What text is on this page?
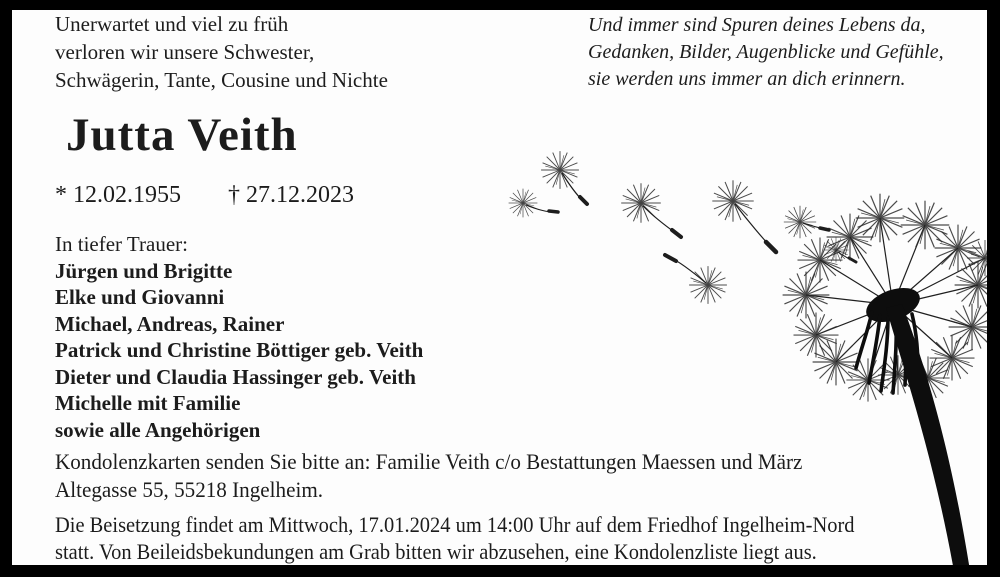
Unerwartet und viel zu früh
verloren wir unsere Schwester,
Schwägerin, Tante, Cousine und Nichte
Und immer sind Spuren deines Lebens da,
Gedanken, Bilder, Augenblicke und Gefühle,
sie werden uns immer an dich erinnern.
Jutta Veith
* 12.02.1955 † 27.12.2023
In tiefer Trauer:
Jürgen und Brigitte
Elke und Giovanni
Michael, Andreas, Rainer
Patrick und Christine Böttiger geb. Veith
Dieter und Claudia Hassinger geb. Veith
Michelle mit Familie
sowie alle Angehörigen
Kondolenzkarten senden Sie bitte an: Familie Veith c/o Bestattungen Maessen und März
Altegasse 55, 55218 Ingelheim.
Die Beisetzung findet am Mittwoch, 17.01.2024 um 14:00 Uhr auf dem Friedhof Ingelheim-Nord
statt. Von Beileidsbekundungen am Grab bitten wir abzusehen, eine Kondolenzliste liegt aus.
